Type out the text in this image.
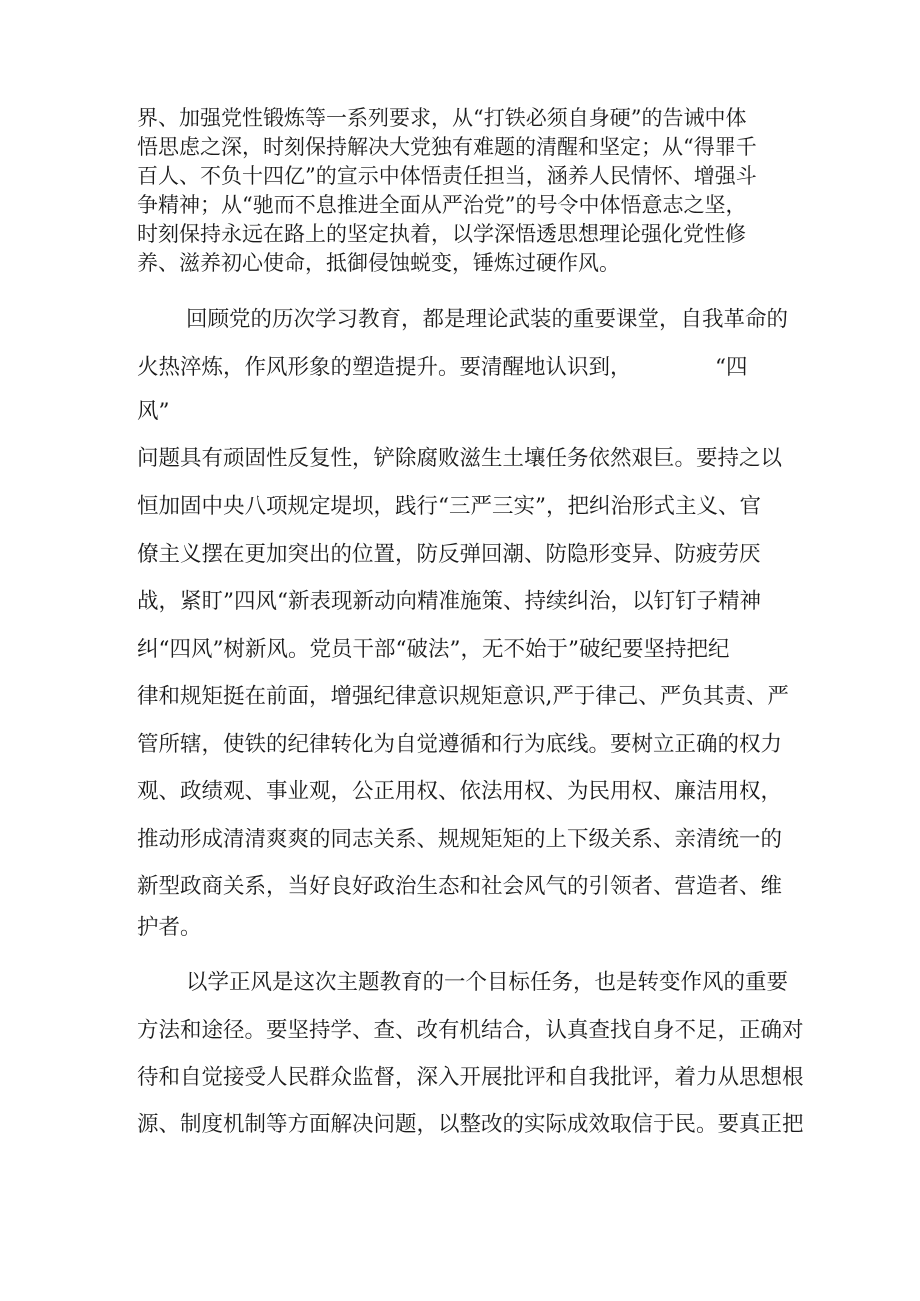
界、加强党性锻炼等一系列要求，从“打铁必须自身硬”的告诫中体
悟思虑之深，时刻保持解决大党独有难题的清醒和坚定；从“得罪千
百人、不负十四亿”的宣示中体悟责任担当，涵养人民情怀、增强斗
争精神；从“驰而不息推进全面从严治党”的号令中体悟意志之坚，
时刻保持永远在路上的坚定执着，以学深悟透思想理论强化党性修
养、滋养初心使命，抵御侵蚀蜕变，锤炼过硬作风。
回顾党的历次学习教育，都是理论武装的重要课堂，自我革命的
火热淬炼，作风形象的塑造提升。要清醒地认识到，	“四
风”
问题具有顽固性反复性，铲除腐败滋生土壤任务依然艰巨。要持之以
恒加固中央八项规定堤坝，践行“三严三实”，把纠治形式主义、官
僚主义摆在更加突出的位置，防反弹回潮、防隐形变异、防疲劳厌
战，紧盯”四风“新表现新动向精准施策、持续纠治，以钉钉子精神
纠“四风”树新风。党员干部“破法”，无不始于”破纪要坚持把纪
律和规矩挺在前面，增强纪律意识规矩意识,严于律己、严负其责、严
管所辖，使铁的纪律转化为自觉遵循和行为底线。要树立正确的权力
观、政绩观、事业观，公正用权、依法用权、为民用权、廉洁用权，
推动形成清清爽爽的同志关系、规规矩矩的上下级关系、亲清统一的
新型政商关系，当好良好政治生态和社会风气的引领者、营造者、维
护者。
以学正风是这次主题教育的一个目标任务，也是转变作风的重要
方法和途径。要坚持学、查、改有机结合，认真查找自身不足，正确对
待和自觉接受人民群众监督，深入开展批评和自我批评，着力从思想根
源、制度机制等方面解决问题，以整改的实际成效取信于民。要真正把
